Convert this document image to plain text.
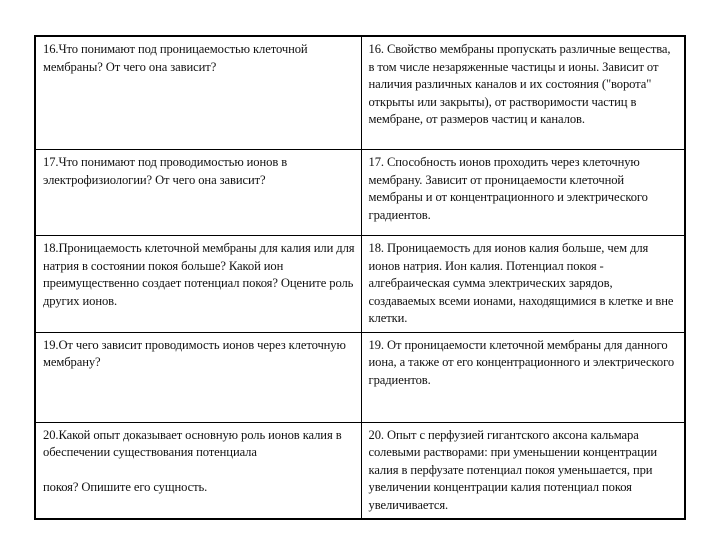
16.Что понимают под проницаемостью клеточной мембраны? От чего она зависит?	16. Свойство мембраны пропускать различные вещества, в том числе незаряженные частицы и ионы. Зависит от наличия различных каналов и их состояния ("ворота" открыты или закрыты), от растворимости частиц в мембране, от размеров частиц и каналов.
17.Что понимают под проводимостью ионов в электрофизиологии? От чего она зависит?	17. Способность ионов проходить через клеточную мембрану. Зависит от проницаемости клеточной мембраны и от концентрационного и электрического градиентов.
18.Проницаемость клеточной мембраны для калия или для натрия в состоянии покоя больше? Какой ион преимущественно создает потенциал покоя? Оцените роль других ионов.	18. Проницаемость для ионов калия больше, чем для ионов натрия. Ион калия. Потенциал покоя - алгебраическая сумма электрических зарядов, создаваемых всеми ионами, находящимися в клетке и вне клетки.
19.От чего зависит проводимость ионов через клеточную мембрану?	19. От проницаемости клеточной мембраны для данного иона, а также от его концентрационного и электрического градиентов.
20.Какой опыт доказывает основную роль ионов калия в обеспечении существования потенциала
покоя? Опишите его сущность.	20. Опыт с перфузией гигантского аксона кальмара солевыми растворами: при уменьшении концентрации калия в перфузате потенциал покоя уменьшается, при увеличении концентрации калия потенциал покоя увеличивается.
